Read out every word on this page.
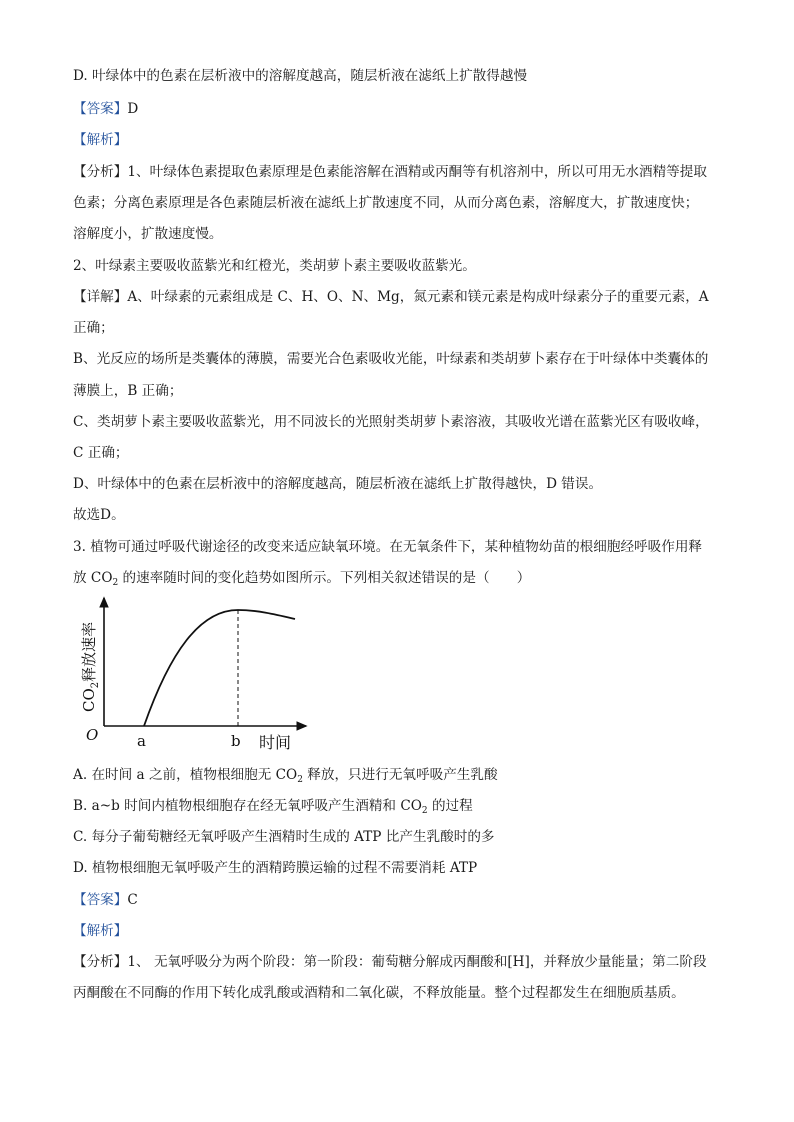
D. 叶绿体中的色素在层析液中的溶解度越高，随层析液在滤纸上扩散得越慢
【答案】D
【解析】
【分析】1、叶绿体色素提取色素原理是色素能溶解在酒精或丙酮等有机溶剂中，所以可用无水酒精等提取
色素；分离色素原理是各色素随层析液在滤纸上扩散速度不同，从而分离色素，溶解度大，扩散速度快；
溶解度小，扩散速度慢。
2、叶绿素主要吸收蓝紫光和红橙光，类胡萝卜素主要吸收蓝紫光。
【详解】A、叶绿素的元素组成是 C、H、O、N、Mg，氮元素和镁元素是构成叶绿素分子的重要元素，A
正确；
B、光反应的场所是类囊体的薄膜，需要光合色素吸收光能，叶绿素和类胡萝卜素存在于叶绿体中类囊体的
薄膜上，B 正确；
C、类胡萝卜素主要吸收蓝紫光，用不同波长的光照射类胡萝卜素溶液，其吸收光谱在蓝紫光区有吸收峰，
C 正确；
D、叶绿体中的色素在层析液中的溶解度越高，随层析液在滤纸上扩散得越快，D 错误。
故选D。
3. 植物可通过呼吸代谢途径的改变来适应缺氧环境。在无氧条件下，某种植物幼苗的根细胞经呼吸作用释
放 $CO_2$ 的速率随时间的变化趋势如图所示。下列相关叙述错误的是（　　）
A. 在时间 a 之前，植物根细胞无 $CO_2$ 释放，只进行无氧呼吸产生乳酸
B. a~b 时间内植物根细胞存在经无氧呼吸产生酒精和 $CO_2$ 的过程
C. 每分子葡萄糖经无氧呼吸产生酒精时生成的 ATP 比产生乳酸时的多
D. 植物根细胞无氧呼吸产生的酒精跨膜运输的过程不需要消耗 ATP
【答案】C
【解析】
【分析】1、 无氧呼吸分为两个阶段：第一阶段：葡萄糖分解成丙酮酸和[H]，并释放少量能量；第二阶段
丙酮酸在不同酶的作用下转化成乳酸或酒精和二氧化碳，不释放能量。整个过程都发生在细胞质基质。
O	a	b 时间
$CO_2$释放速率
